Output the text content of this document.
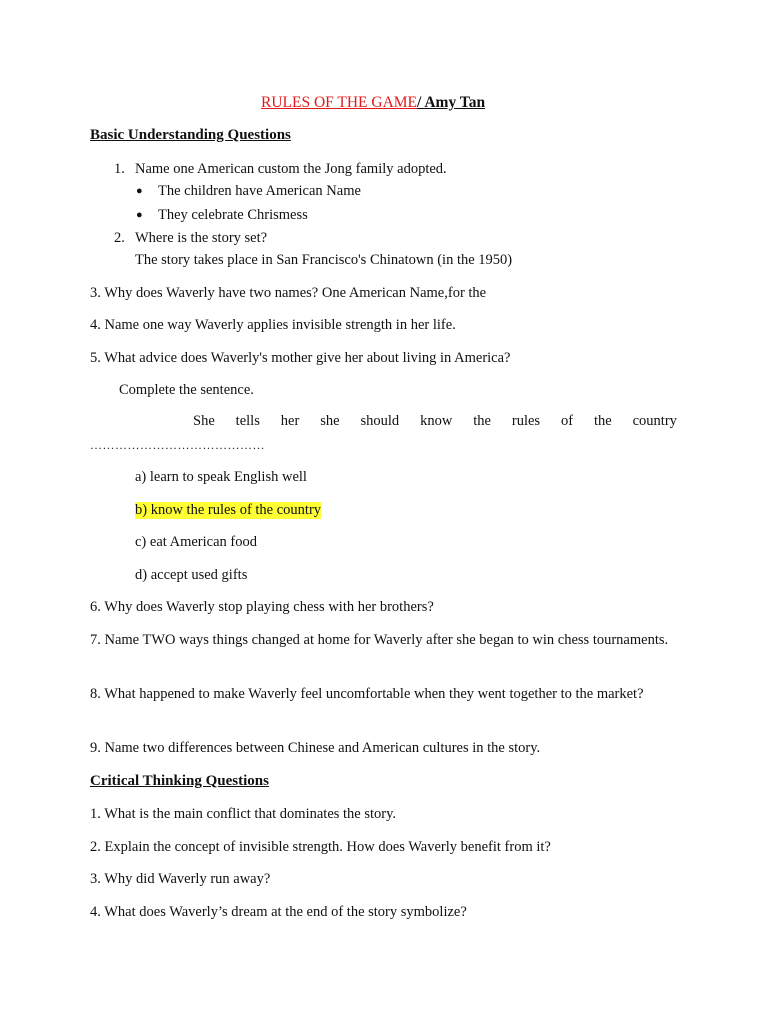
RULES OF THE GAME/ Amy Tan
Basic Understanding Questions
1. Name one American custom the Jong family adopted.
● The children have American Name
● They celebrate Chrismess
2. Where is the story set?
The story takes place in San Francisco's Chinatown (in the 1950)
3. Why does Waverly have two names? One American Name,for the
4. Name one way Waverly applies invisible strength in her life.
5. What advice does Waverly's mother give her about living in America?
Complete the sentence.
She tells her she should know the rules of the country
……………………………………
a) learn to speak English well
b) know the rules of the country
c) eat American food
d) accept used gifts
6. Why does Waverly stop playing chess with her brothers?
7. Name TWO ways things changed at home for Waverly after she began to win chess tournaments.
8. What happened to make Waverly feel uncomfortable when they went together to the market?
9. Name two differences between Chinese and American cultures in the story.
Critical Thinking Questions
1. What is the main conflict that dominates the story.
2. Explain the concept of invisible strength. How does Waverly benefit from it?
3. Why did Waverly run away?
4. What does Waverly’s dream at the end of the story symbolize?
